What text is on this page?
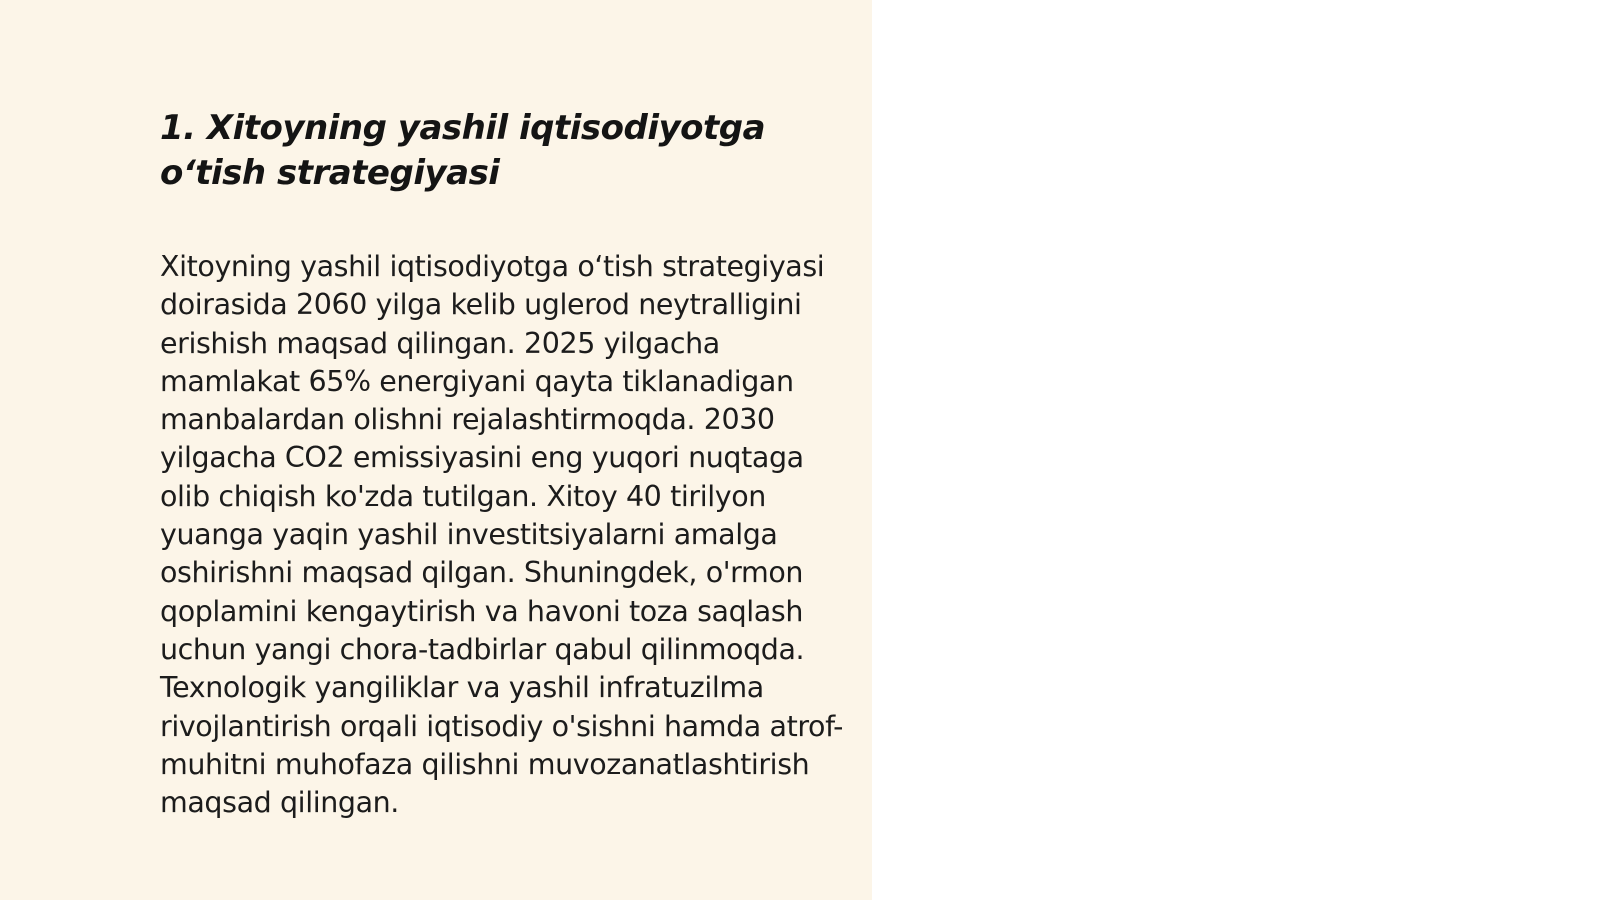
1. Xitoyning yashil iqtisodiyotga o‘tish strategiyasi

Xitoyning yashil iqtisodiyotga o‘tish strategiyasi doirasida 2060 yilga kelib uglerod neytralligini erishish maqsad qilingan. 2025 yilgacha mamlakat 65% energiyani qayta tiklanadigan manbalardan olishni rejalashtirmoqda. 2030 yilgacha CO2 emissiyasini eng yuqori nuqtaga olib chiqish ko'zda tutilgan. Xitoy 40 tirilyon yuanga yaqin yashil investitsiyalarni amalga oshirishni maqsad qilgan. Shuningdek, o'rmon qoplamini kengaytirish va havoni toza saqlash uchun yangi chora-tadbirlar qabul qilinmoqda. Texnologik yangiliklar va yashil infratuzilma rivojlantirish orqali iqtisodiy o'sishni hamda atrof-muhitni muhofaza qilishni muvozanatlashtirish maqsad qilingan.
